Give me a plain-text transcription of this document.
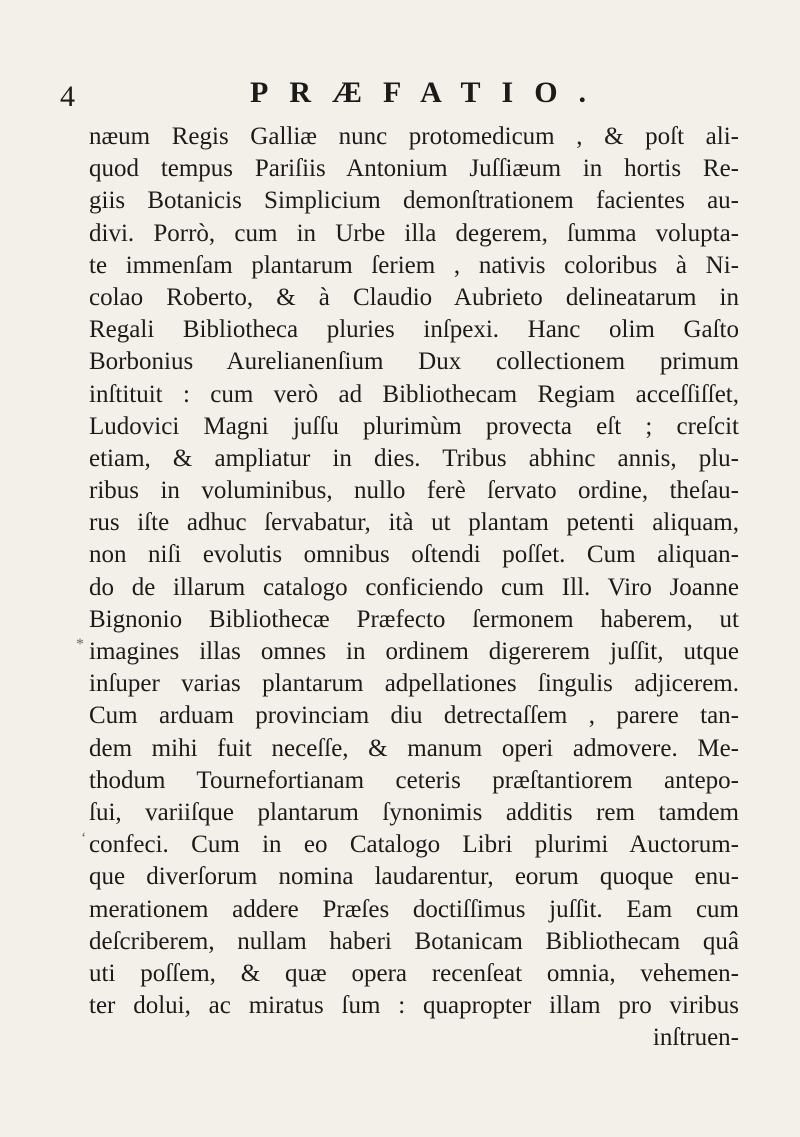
4	PRÆFATIO.
*
‘
næum Regis Galliæ nunc protomedicum , & poſt ali-
quod tempus Pariſiis Antonium Juſſiæum in hortis Re-
giis Botanicis Simplicium demonſtrationem facientes au-
divi. Porrò, cum in Urbe illa degerem, ſumma volupta-
te immenſam plantarum ſeriem , nativis coloribus à Ni-
colao Roberto, & à Claudio Aubrieto delineatarum in
Regali Bibliotheca pluries inſpexi. Hanc olim Gaſto
Borbonius Aurelianenſium Dux collectionem primum
inſtituit : cum verò ad Bibliothecam Regiam acceſſiſſet,
Ludovici Magni juſſu plurimùm provecta eſt ; creſcit
etiam, & ampliatur in dies. Tribus abhinc annis, plu-
ribus in voluminibus, nullo ferè ſervato ordine, theſau-
rus iſte adhuc ſervabatur, ità ut plantam petenti aliquam,
non niſi evolutis omnibus oſtendi poſſet. Cum aliquan-
do de illarum catalogo conficiendo cum Ill. Viro Joanne
Bignonio Bibliothecæ Præfecto ſermonem haberem, ut
imagines illas omnes in ordinem digererem juſſit, utque
inſuper varias plantarum adpellationes ſingulis adjicerem.
Cum arduam provinciam diu detrectaſſem , parere tan-
dem mihi fuit neceſſe, & manum operi admovere. Me-
thodum Tournefortianam ceteris præſtantiorem antepo-
ſui, variiſque plantarum ſynonimis additis rem tamdem
confeci. Cum in eo Catalogo Libri plurimi Auctorum-
que diverſorum nomina laudarentur, eorum quoque enu-
merationem addere Præſes doctiſſimus juſſit. Eam cum
deſcriberem, nullam haberi Botanicam Bibliothecam quâ
uti poſſem, & quæ opera recenſeat omnia, vehemen-
ter dolui, ac miratus ſum : quapropter illam pro viribus
inſtruen-
